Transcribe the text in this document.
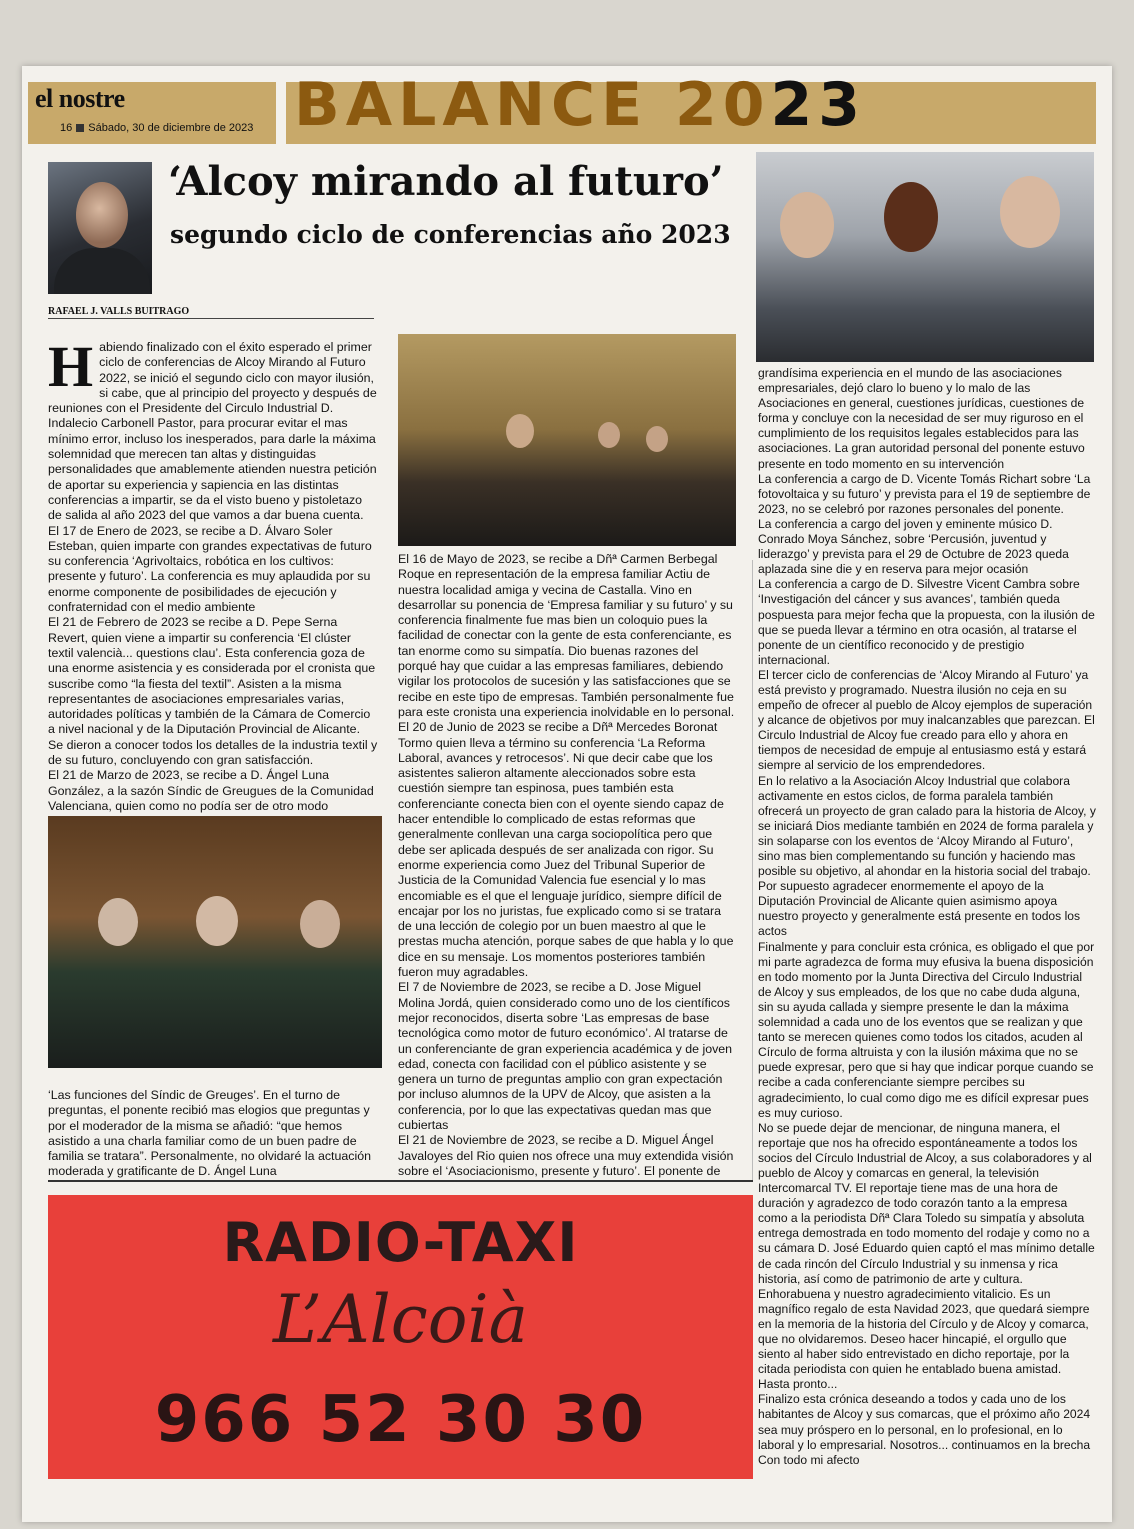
el nostre
16 Sábado, 30 de diciembre de 2023 BALANCE 2023
‘Alcoy mirando al futuro’
segundo ciclo de conferencias año 2023
RAFAEL J. VALLS BUITRAGO
H abiendo finalizado con el éxito esperado el primer ciclo de conferencias de Alcoy Mirando al Futuro 2022, se inició el segundo ciclo con mayor ilusión, si cabe, que al principio del proyecto y después de reuniones con el Presidente del Circulo Industrial D. Indalecio Carbonell Pastor, para procurar evitar el mas mínimo error, incluso los inesperados, para darle la máxima solemnidad que merecen tan altas y distinguidas personalidades que amablemente atienden nuestra petición de aportar su experiencia y sapiencia en las distintas conferencias a impartir, se da el visto bueno y pistoletazo de salida al año 2023 del que vamos a dar buena cuenta.

El 17 de Enero de 2023, se recibe a D. Álvaro Soler Esteban, quien imparte con grandes expectativas de futuro su conferencia ‘Agrivoltaics, robótica en los cultivos: presente y futuro’. La conferencia es muy aplaudida por su enorme componente de posibilidades de ejecución y confraternidad con el medio ambiente

El 21 de Febrero de 2023 se recibe a D. Pepe Serna Revert, quien viene a impartir su conferencia ‘El clúster textil valencià... questions clau’. Esta conferencia goza de una enorme asistencia y es considerada por el cronista que suscribe como “la fiesta del textil”. Asisten a la misma representantes de asociaciones empresariales varias, autoridades políticas y también de la Cámara de Comercio a nivel nacional y de la Diputación Provincial de Alicante. Se dieron a conocer todos los detalles de la industria textil y de su futuro, concluyendo con gran satisfacción.

El 21 de Marzo de 2023, se recibe a D. Ángel Luna González, a la sazón Síndic de Greugues de la Comunidad Valenciana, quien como no podía ser de otro modo

‘Las funciones del Síndic de Greuges’. En el turno de preguntas, el ponente recibió mas elogios que preguntas y por el moderador de la misma se añadió: “que hemos asistido a una charla familiar como de un buen padre de familia se tratara”. Personalmente, no olvidaré la actuación moderada y gratificante de D. Ángel Luna

El 16 de Mayo de 2023, se recibe a Dñª Carmen Berbegal Roque en representación de la empresa familiar Actiu de nuestra localidad amiga y vecina de Castalla. Vino en desarrollar su ponencia de ‘Empresa familiar y su futuro’ y su conferencia finalmente fue mas bien un coloquio pues la facilidad de conectar con la gente de esta conferenciante, es tan enorme como su simpatía. Dio buenas razones del porqué hay que cuidar a las empresas familiares, debiendo vigilar los protocolos de sucesión y las satisfacciones que se recibe en este tipo de empresas. También personalmente fue para este cronista una experiencia inolvidable en lo personal.

El 20 de Junio de 2023 se recibe a Dñª Mercedes Boronat Tormo quien lleva a término su conferencia ‘La Reforma Laboral, avances y retrocesos’. Ni que decir cabe que los asistentes salieron altamente aleccionados sobre esta cuestión siempre tan espinosa, pues también esta conferenciante conecta bien con el oyente siendo capaz de hacer entendible lo complicado de estas reformas que generalmente conllevan una carga sociopolítica pero que debe ser aplicada después de ser analizada con rigor. Su enorme experiencia como Juez del Tribunal Superior de Justicia de la Comunidad Valencia fue esencial y lo mas encomiable es el que el lenguaje jurídico, siempre difícil de encajar por los no juristas, fue explicado como si se tratara de una lección de colegio por un buen maestro al que le prestas mucha atención, porque sabes de que habla y lo que dice en su mensaje. Los momentos posteriores también fueron muy agradables.

El 7 de Noviembre de 2023, se recibe a D. Jose Miguel Molina Jordá, quien considerado como uno de los científicos mejor reconocidos, diserta sobre ‘Las empresas de base tecnológica como motor de futuro económico’. Al tratarse de un conferenciante de gran experiencia académica y de joven edad, conecta con facilidad con el público asistente y se genera un turno de preguntas amplio con gran expectación por incluso alumnos de la UPV de Alcoy, que asisten a la conferencia, por lo que las expectativas quedan mas que cubiertas

El 21 de Noviembre de 2023, se recibe a D. Miguel Ángel Javaloyes del Rio quien nos ofrece una muy extendida visión sobre el ‘Asociacionismo, presente y futuro’. El ponente de

grandísima experiencia en el mundo de las asociaciones empresariales, dejó claro lo bueno y lo malo de las Asociaciones en general, cuestiones jurídicas, cuestiones de forma y concluye con la necesidad de ser muy riguroso en el cumplimiento de los requisitos legales establecidos para las asociaciones. La gran autoridad personal del ponente estuvo presente en todo momento en su intervención

La conferencia a cargo de D. Vicente Tomás Richart sobre ‘La fotovoltaica y su futuro’ y prevista para el 19 de septiembre de 2023, no se celebró por razones personales del ponente.

La conferencia a cargo del joven y eminente músico D. Conrado Moya Sánchez, sobre ‘Percusión, juventud y liderazgo’ y prevista para el 29 de Octubre de 2023 queda aplazada sine die y en reserva para mejor ocasión

La conferencia a cargo de D. Silvestre Vicent Cambra sobre ‘Investigación del cáncer y sus avances’, también queda pospuesta para mejor fecha que la propuesta, con la ilusión de que se pueda llevar a término en otra ocasión, al tratarse el ponente de un científico reconocido y de prestigio internacional.

El tercer ciclo de conferencias de ‘Alcoy Mirando al Futuro’ ya está previsto y programado. Nuestra ilusión no ceja en su empeño de ofrecer al pueblo de Alcoy ejemplos de superación y alcance de objetivos por muy inalcanzables que parezcan. El Circulo Industrial de Alcoy fue creado para ello y ahora en tiempos de necesidad de empuje al entusiasmo está y estará siempre al servicio de los emprendedores.

En lo relativo a la Asociación Alcoy Industrial que colabora activamente en estos ciclos, de forma paralela también ofrecerá un proyecto de gran calado para la historia de Alcoy, y se iniciará Dios mediante también en 2024 de forma paralela y sin solaparse con los eventos de ‘Alcoy Mirando al Futuro’, sino mas bien complementando su función y haciendo mas posible su objetivo, al ahondar en la historia social del trabajo.

Por supuesto agradecer enormemente el apoyo de la Diputación Provincial de Alicante quien asimismo apoya nuestro proyecto y generalmente está presente en todos los actos

Finalmente y para concluir esta crónica, es obligado el que por mi parte agradezca de forma muy efusiva la buena disposición en todo momento por la Junta Directiva del Circulo Industrial de Alcoy y sus empleados, de los que no cabe duda alguna, sin su ayuda callada y siempre presente le dan la máxima solemnidad a cada uno de los eventos que se realizan y que tanto se merecen quienes como todos los citados, acuden al Círculo de forma altruista y con la ilusión máxima que no se puede expresar, pero que si hay que indicar porque cuando se recibe a cada conferenciante siempre percibes su agradecimiento, lo cual como digo me es difícil expresar pues es muy curioso.

No se puede dejar de mencionar, de ninguna manera, el reportaje que nos ha ofrecido espontáneamente a todos los socios del Círculo Industrial de Alcoy, a sus colaboradores y al pueblo de Alcoy y comarcas en general, la televisión Intercomarcal TV. El reportaje tiene mas de una hora de duración y agradezco de todo corazón tanto a la empresa como a la periodista Dñª Clara Toledo su simpatía y absoluta entrega demostrada en todo momento del rodaje y como no a su cámara D. José Eduardo quien captó el mas mínimo detalle de cada rincón del Círculo Industrial y su inmensa y rica historia, así como de patrimonio de arte y cultura. Enhorabuena y nuestro agradecimiento vitalicio. Es un magnífico regalo de esta Navidad 2023, que quedará siempre en la memoria de la historia del Círculo y de Alcoy y comarca, que no olvidaremos. Deseo hacer hincapié, el orgullo que siento al haber sido entrevistado en dicho reportaje, por la citada periodista con quien he entablado buena amistad. Hasta pronto...

Finalizo esta crónica deseando a todos y cada uno de los habitantes de Alcoy y sus comarcas, que el próximo año 2024 sea muy próspero en lo personal, en lo profesional, en lo laboral y lo empresarial. Nosotros... continuamos en la brecha

Con todo mi afecto

RADIO-TAXI
L’Alcoià
966 52 30 30
